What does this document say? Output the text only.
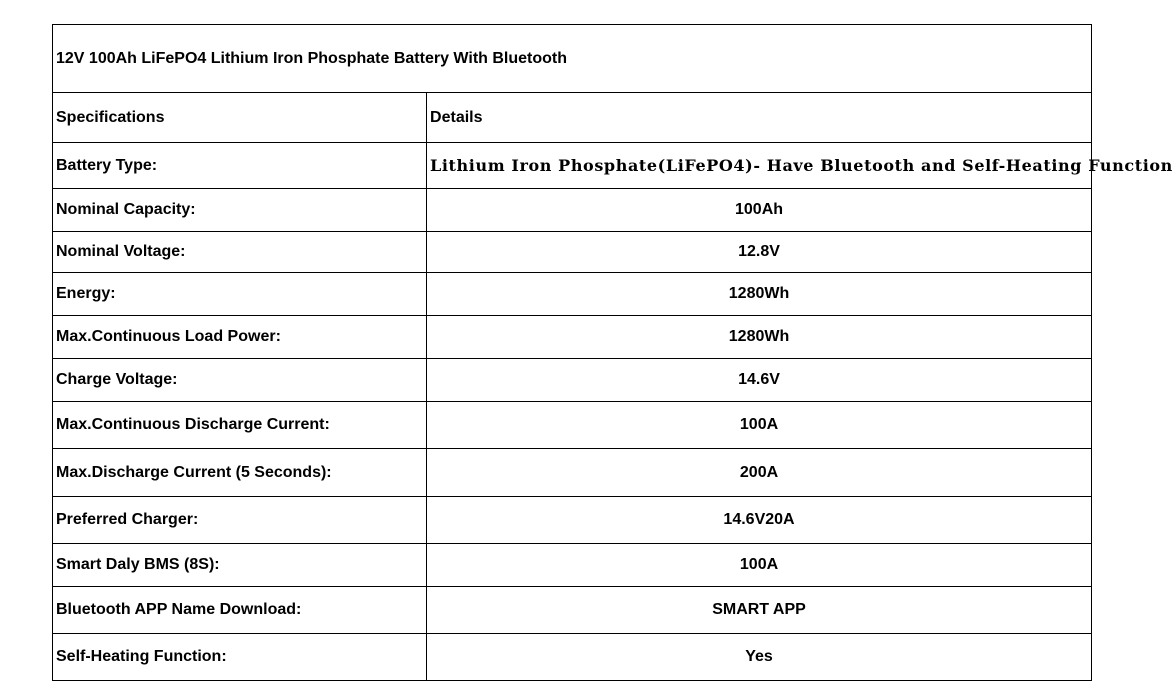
12V 100Ah LiFePO4 Lithium Iron Phosphate Battery With Bluetooth	
Specifications	Details
Battery Type:	Lithium Iron Phosphate(LiFePO4)- Have Bluetooth and Self-Heating Function
Nominal Capacity:	100Ah
Nominal Voltage:	12.8V
Energy:	1280Wh
Max.Continuous Load Power:	1280Wh
Charge Voltage:	14.6V
Max.Continuous Discharge Current:	100A
Max.Discharge Current (5 Seconds):	200A
Preferred Charger:	14.6V20A
Smart Daly BMS (8S):	100A
Bluetooth APP Name Download:	SMART APP
Self-Heating Function:	Yes
